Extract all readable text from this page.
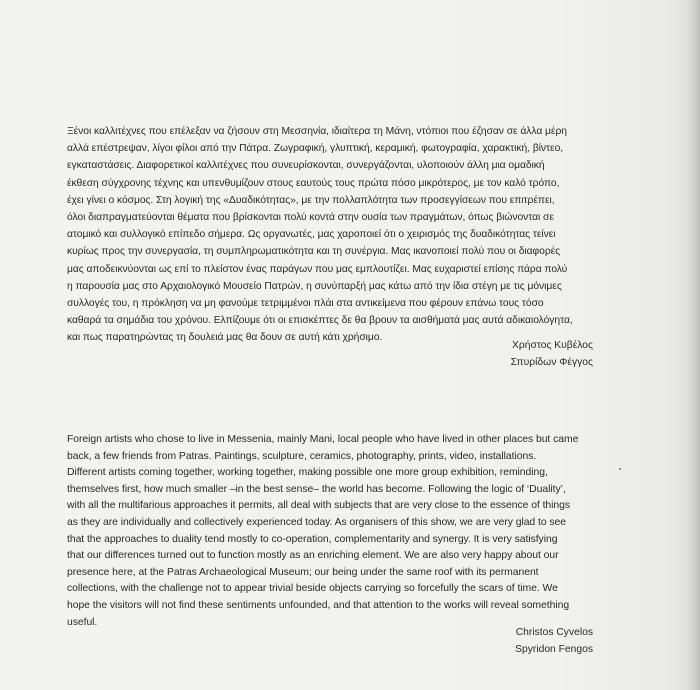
Ξένοι καλλιτέχνες που επέλεξαν να ζήσουν στη Μεσσηνία, ιδιαίτερα τη Μάνη, ντόπιοι που έζησαν σε άλλα μέρη

αλλά επέστρεψαν, λίγοι φίλοι από την Πάτρα. Ζωγραφική, γλυπτική, κεραμική, φωτογραφία, χαρακτική, βίντεο,

εγκαταστάσεις. Διαφορετικοί καλλιτέχνες που συνευρίσκονται, συνεργάζονται, υλοποιούν άλλη μια ομαδική

έκθεση σύγχρονης τέχνης και υπενθυμίζουν στους εαυτούς τους πρώτα πόσο μικρότερος, με τον καλό τρόπο,

έχει γίνει ο κόσμος. Στη λογική της «Δυαδικότητας», με την πολλαπλότητα των προσεγγίσεων που επιτρέπει,

όλοι διαπραγματεύονται θέματα που βρίσκονται πολύ κοντά στην ουσία των πραγμάτων, όπως βιώνονται σε

ατομικό και συλλογικό επίπεδο σήμερα. Ως οργανωτές, μας χαροποιεί ότι ο χειρισμός της δυαδικότητας τείνει

κυρίως προς την συνεργασία, τη συμπληρωματικότητα και τη συνέργια. Μας ικανοποιεί πολύ που οι διαφορές

μας αποδεικνύονται ως επί το πλείστον ένας παράγων που μας εμπλουτίζει. Μας ευχαριστεί επίσης πάρα πολύ

η παρουσία μας στο Αρχαιολογικό Μουσείο Πατρών, η συνύπαρξή μας κάτω από την ίδια στέγη με τις μόνιμες

συλλογές του, η πρόκληση να μη φανούμε τετριμμένοι πλάι στα αντικείμενα που φέρουν επάνω τους τόσο

καθαρά τα σημάδια του χρόνου. Ελπίζουμε ότι οι επισκέπτες δε θα βρουν τα αισθήματά μας αυτά αδικαιολόγητα,

και πως παρατηρώντας τη δουλειά μας θα δουν σε αυτή κάτι χρήσιμο.

Χρήστος Κυβέλος

Σπυρίδων Φέγγος

Foreign artists who chose to live in Messenia, mainly Mani, local people who have lived in other places but came

back, a few friends from Patras. Paintings, sculpture, ceramics, photography, prints, video, installations.

Different artists coming together, working together, making possible one more group exhibition, reminding,

themselves first, how much smaller –in the best sense– the world has become. Following the logic of ‘Duality’,

with all the multifarious approaches it permits, all deal with subjects that are very close to the essence of things

as they are individually and collectively experienced today. As organisers of this show, we are very glad to see

that the approaches to duality tend mostly to co-operation, complementarity and synergy. It is very satisfying

that our differences turned out to function mostly as an enriching element. We are also very happy about our

presence here, at the Patras Archaeological Museum; our being under the same roof with its permanent

collections, with the challenge not to appear trivial beside objects carrying so forcefully the scars of time. We

hope the visitors will not find these sentiments unfounded, and that attention to the works will reveal something

useful.

Christos Cyvelos

Spyridon Fengos
